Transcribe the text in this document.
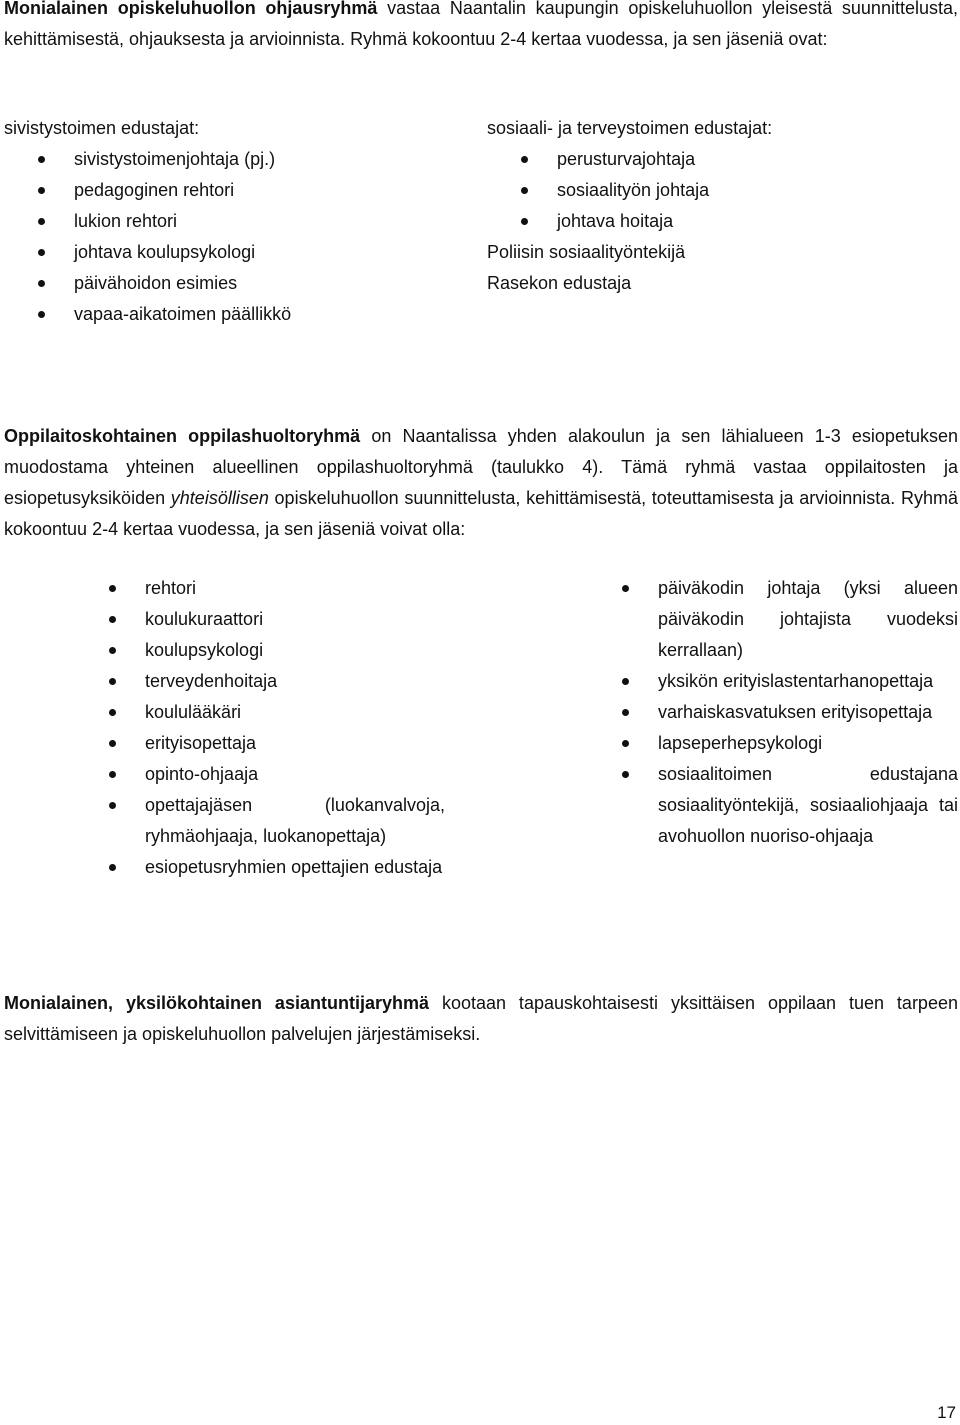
Monialainen opiskeluhuollon ohjausryhmä vastaa Naantalin kaupungin opiskeluhuollon yleisestä suunnittelusta, kehittämisestä, ohjauksesta ja arvioinnista. Ryhmä kokoontuu 2-4 kertaa vuodessa, ja sen jäseniä ovat:

sivistystoimen edustajat:

sivistystoimenjohtaja (pj.)
pedagoginen rehtori
lukion rehtori
johtava koulupsykologi
päivähoidon esimies
vapaa-aikatoimen päällikkö

sosiaali- ja terveystoimen edustajat:

perusturvajohtaja
sosiaalityön johtaja
johtava hoitaja

Poliisin sosiaalityöntekijä

Rasekon edustaja

Oppilaitoskohtainen oppilashuoltoryhmä on Naantalissa yhden alakoulun ja sen lähialueen 1-3 esiopetuksen muodostama yhteinen alueellinen oppilashuoltoryhmä (taulukko 4). Tämä ryhmä vastaa oppilaitosten ja esiopetusyksiköiden yhteisöllisen opiskeluhuollon suunnittelusta, kehittämisestä, toteuttamisesta ja arvioinnista. Ryhmä kokoontuu 2-4 kertaa vuodessa, ja sen jäseniä voivat olla:

rehtori
koulukuraattori
koulupsykologi
terveydenhoitaja
koululääkäri
erityisopettaja
opinto-ohjaaja
opettajajäsen (luokanvalvoja, ryhmäohjaaja, luokanopettaja)
esiopetusryhmien opettajien edustaja
päiväkodin johtaja (yksi alueen päiväkodin johtajista vuodeksi kerrallaan)
yksikön erityislastentarhanopettaja
varhaiskasvatuksen erityisopettaja
lapseperhepsykologi
sosiaalitoimen edustajana sosiaalityöntekijä, sosiaaliohjaaja tai avohuollon nuoriso-ohjaaja

Monialainen, yksilökohtainen asiantuntijaryhmä kootaan tapauskohtaisesti yksittäisen oppilaan tuen tarpeen selvittämiseen ja opiskeluhuollon palvelujen järjestämiseksi.

17
